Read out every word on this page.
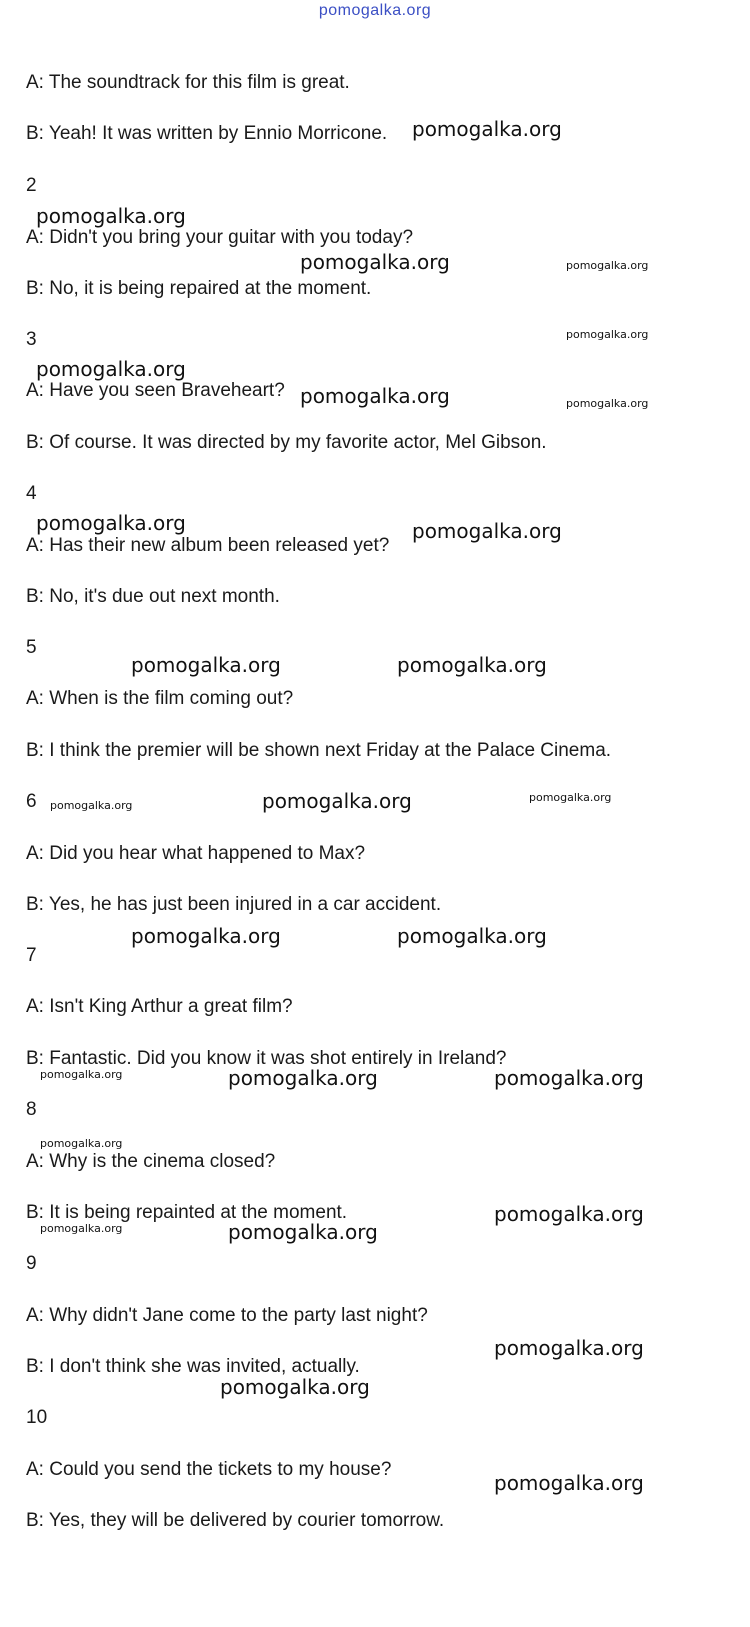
pomogalka.org
A: The soundtrack for this film is great.
B: Yeah! It was written by Ennio Morricone.
2
A: Didn't you bring your guitar with you today?
B: No, it is being repaired at the moment.
3
A: Have you seen Braveheart?
B: Of course. It was directed by my favorite actor, Mel Gibson.
4
A: Has their new album been released yet?
B: No, it's due out next month.
5
A: When is the film coming out?
B: I think the premier will be shown next Friday at the Palace Cinema.
6
A: Did you hear what happened to Max?
B: Yes, he has just been injured in a car accident.
7
A: Isn't King Arthur a great film?
B: Fantastic. Did you know it was shot entirely in Ireland?
8
A: Why is the cinema closed?
B: It is being repainted at the moment.
9
A: Why didn't Jane come to the party last night?
B: I don't think she was invited, actually.
10
A: Could you send the tickets to my house?
B: Yes, they will be delivered by courier tomorrow.
pomogalka.org
pomogalka.org
pomogalka.org	pomogalka.org
pomogalka.org
pomogalka.org
pomogalka.org	pomogalka.org
pomogalka.org	pomogalka.org
pomogalka.org	pomogalka.org
pomogalka.org	pomogalka.org	pomogalka.org
pomogalka.org	pomogalka.org
pomogalka.org	pomogalka.org	pomogalka.org
pomogalka.org
pomogalka.org
pomogalka.org	pomogalka.org
pomogalka.org
pomogalka.org
pomogalka.org
